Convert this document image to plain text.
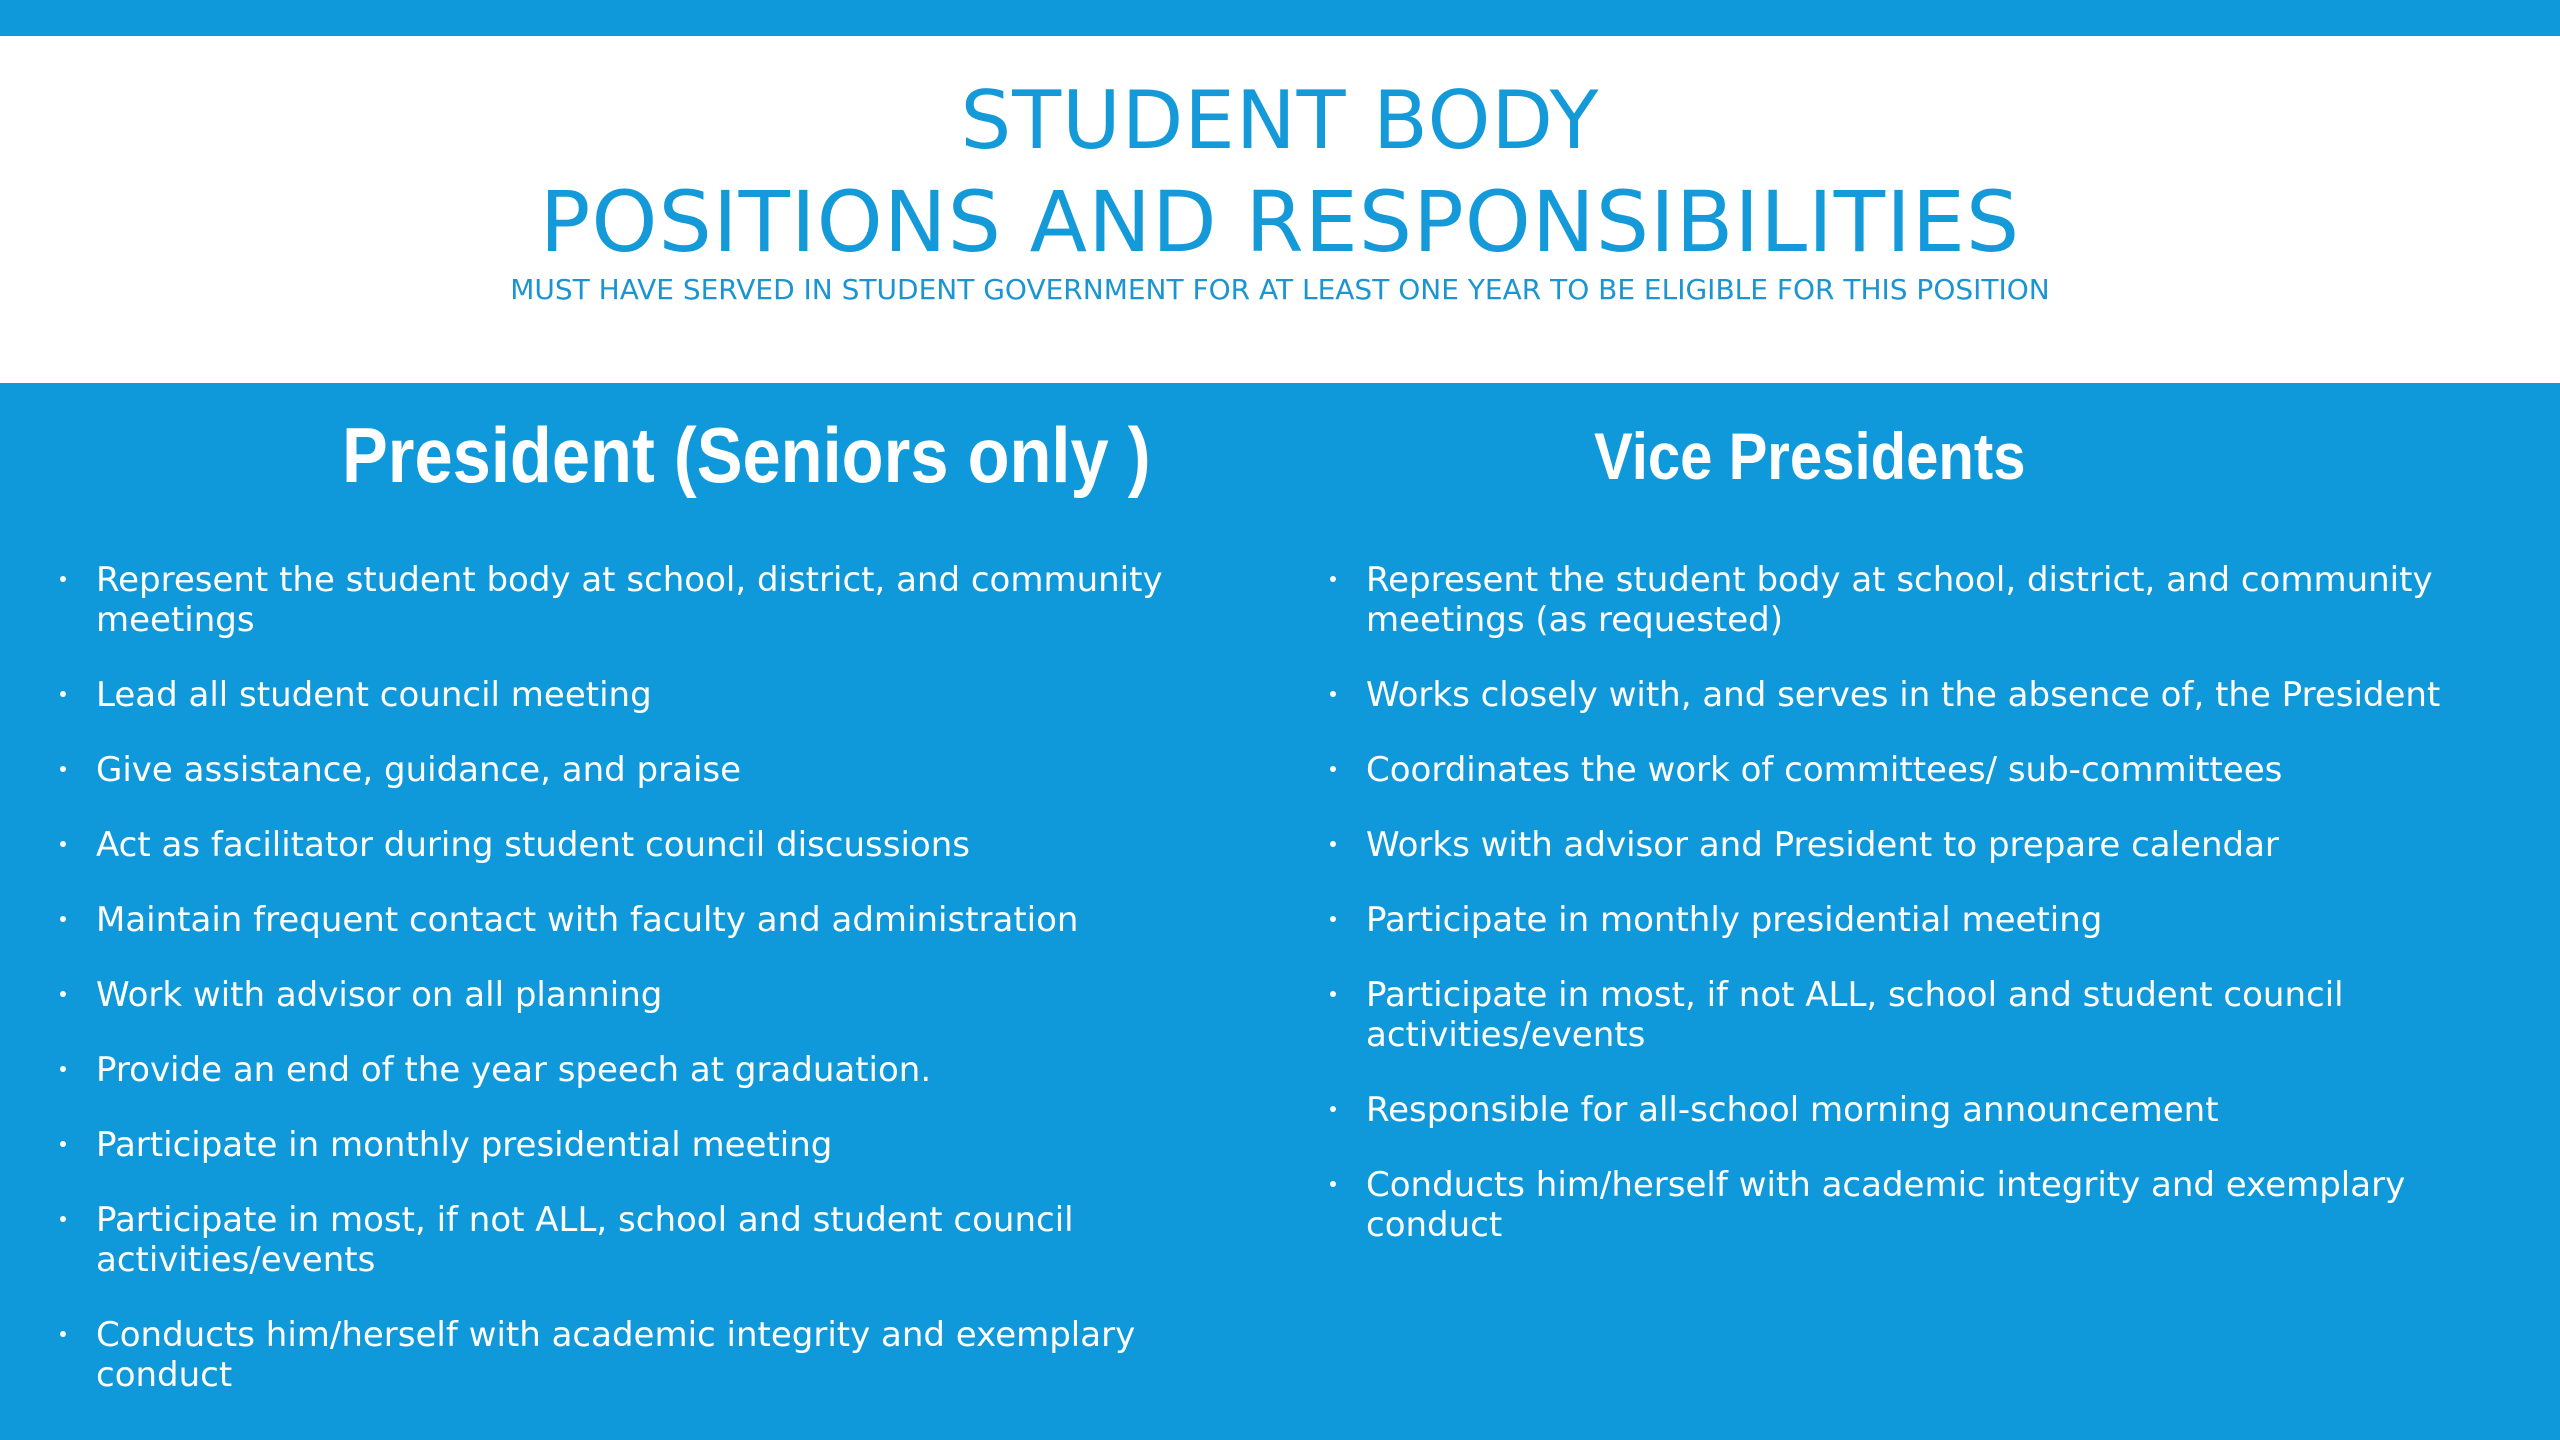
STUDENT BODY
POSITIONS AND RESPONSIBILITIES
MUST HAVE SERVED IN STUDENT GOVERNMENT FOR AT LEAST ONE YEAR TO BE ELIGIBLE FOR THIS POSITION
President (Seniors only )
Represent the student body at school, district, and community
meetings
Lead all student council meeting
Give assistance, guidance, and praise
Act as facilitator during student council discussions
Maintain frequent contact with faculty and administration
Work with advisor on all planning
Provide an end of the year speech at graduation.
Participate in monthly presidential meeting
Participate in most, if not ALL, school and student council
activities/events
Conducts him/herself with academic integrity and exemplary
conduct
Vice Presidents
Represent the student body at school, district, and community
meetings (as requested)
Works closely with, and serves in the absence of, the President
Coordinates the work of committees/ sub-committees
Works with advisor and President to prepare calendar
Participate in monthly presidential meeting
Participate in most, if not ALL, school and student council
activities/events
Responsible for all-school morning announcement
Conducts him/herself with academic integrity and exemplary
conduct
